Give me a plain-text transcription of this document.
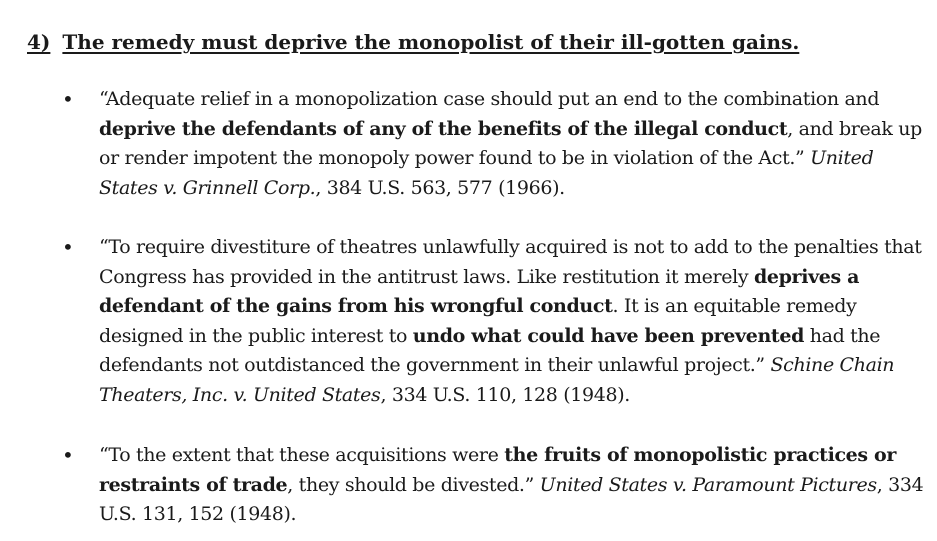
4) The remedy must deprive the monopolist of their ill-gotten gains.
• “Adequate relief in a monopolization case should put an end to the combination and deprive the defendants of any of the benefits of the illegal conduct, and break up or render impotent the monopoly power found to be in violation of the Act.” United States v. Grinnell Corp., 384 U.S. 563, 577 (1966).
• “To require divestiture of theatres unlawfully acquired is not to add to the penalties that Congress has provided in the antitrust laws. Like restitution it merely deprives a defendant of the gains from his wrongful conduct. It is an equitable remedy designed in the public interest to undo what could have been prevented had the defendants not outdistanced the government in their unlawful project.” Schine Chain Theaters, Inc. v. United States, 334 U.S. 110, 128 (1948).
• “To the extent that these acquisitions were the fruits of monopolistic practices or restraints of trade, they should be divested.” United States v. Paramount Pictures, 334 U.S. 131, 152 (1948).
